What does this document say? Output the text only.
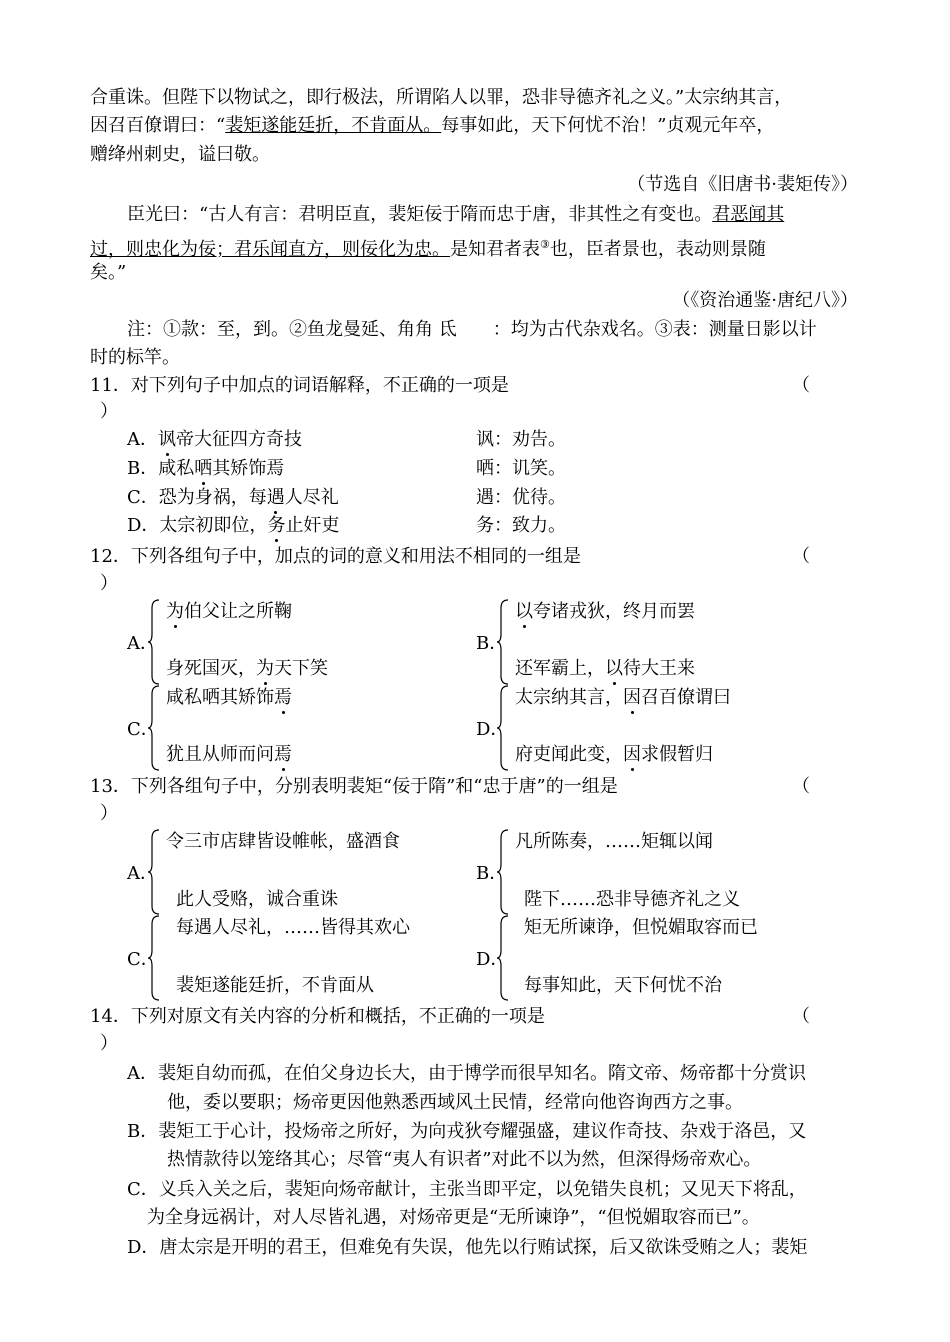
合重诛。但陛下以物试之，即行极法，所谓陷人以罪，恐非导德齐礼之义。”太宗纳其言，
因召百僚谓曰：“裴矩遂能廷折，不肯面从。每事如此，天下何忧不治！”贞观元年卒，
赠绛州刺史，谥曰敬。
（节选自《旧唐书·裴矩传》）
臣光曰：“古人有言：君明臣直，裴矩佞于隋而忠于唐，非其性之有变也。君恶闻其
过，则忠化为佞；君乐闻直方，则佞化为忠。是知君者表③也，臣者景也，表动则景随
矣。”
（《资治通鉴·唐纪八》）
注：①款：至，到。②鱼龙曼延、角角 氐　　：均为古代杂戏名。③表：测量日影以计
时的标竿。
11．对下列句子中加点的词语解释，不正确的一项是	（
）
A．讽帝大征四方奇技	讽：劝告。
B．咸私哂其矫饰焉	哂：讥笑。
C．恐为身祸，每遇人尽礼	遇：优待。
D．太宗初即位，务止奸吏	务：致力。
12．下列各组句子中，加点的词的意义和用法不相同的一组是	（
）
A．
为伯父让之所鞠
身死国灭，为天下笑
B．
以夸诸戎狄，终月而罢
还军霸上，以待大王来
C．
咸私哂其矫饰焉
犹且从师而问焉
D．
太宗纳其言，因召百僚谓曰
府吏闻此变，因求假暂归
13．下列各组句子中，分别表明裴矩“佞于隋”和“忠于唐”的一组是	（
）
A．
令三市店肆皆设帷帐，盛酒食
此人受赂，诚合重诛
B．
凡所陈奏，……矩辄以闻
陛下……恐非导德齐礼之义
C．
每遇人尽礼，……皆得其欢心
裴矩遂能廷折，不肯面从
D．
矩无所谏诤，但悦媚取容而已
每事知此，天下何忧不治
14．下列对原文有关内容的分析和概括，不正确的一项是	（
）
A．裴矩自幼而孤，在伯父身边长大，由于博学而很早知名。隋文帝、炀帝都十分赏识
他，委以要职；炀帝更因他熟悉西域风土民情，经常向他咨询西方之事。
B．裴矩工于心计，投炀帝之所好，为向戎狄夸耀强盛，建议作奇技、杂戏于洛邑，又
热情款待以笼络其心；尽管“夷人有识者”对此不以为然，但深得炀帝欢心。
C．义兵入关之后，裴矩向炀帝献计，主张当即平定，以免错失良机；又见天下将乱，
为全身远祸计，对人尽皆礼遇，对炀帝更是“无所谏诤”，“但悦媚取容而已”。
D．唐太宗是开明的君王，但难免有失误，他先以行贿试探，后又欲诛受贿之人；裴矩
